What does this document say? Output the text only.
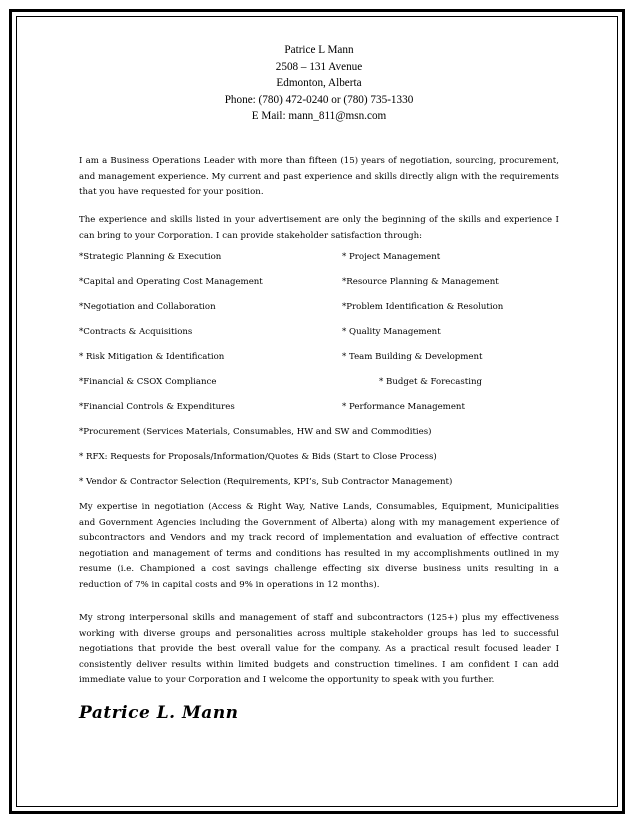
Patrice L Mann
2508 – 131 Avenue
Edmonton, Alberta
Phone: (780) 472-0240 or (780) 735-1330
E Mail: mann_811@msn.com

I am a Business Operations Leader with more than fifteen (15) years of negotiation, sourcing, procurement, and management experience. My current and past experience and skills directly align with the requirements that you have requested for your position.

The experience and skills listed in your advertisement are only the beginning of the skills and experience I can bring to your Corporation. I can provide stakeholder satisfaction through:

*Strategic Planning & Execution	* Project Management
*Capital and Operating Cost Management	*Resource Planning & Management
*Negotiation and Collaboration	*Problem Identification & Resolution
*Contracts & Acquisitions	* Quality Management
* Risk Mitigation & Identification	* Team Building & Development
*Financial & CSOX Compliance	* Budget & Forecasting
*Financial Controls & Expenditures	* Performance Management
*Procurement (Services Materials, Consumables, HW and SW and Commodities)
* RFX: Requests for Proposals/Information/Quotes & Bids (Start to Close Process)
* Vendor & Contractor Selection (Requirements, KPI’s, Sub Contractor Management)

My expertise in negotiation (Access & Right Way, Native Lands, Consumables, Equipment, Municipalities and Government Agencies including the Government of Alberta) along with my management experience of subcontractors and Vendors and my track record of implementation and evaluation of effective contract negotiation and management of terms and conditions has resulted in my accomplishments outlined in my resume (i.e. Championed a cost savings challenge effecting six diverse business units resulting in a reduction of 7% in capital costs and 9% in operations in 12 months).

My strong interpersonal skills and management of staff and subcontractors (125+) plus my effectiveness working with diverse groups and personalities across multiple stakeholder groups has led to successful negotiations that provide the best overall value for the company. As a practical result focused leader I consistently deliver results within limited budgets and construction timelines. I am confident I can add immediate value to your Corporation and I welcome the opportunity to speak with you further.

Patrice L. Mann
